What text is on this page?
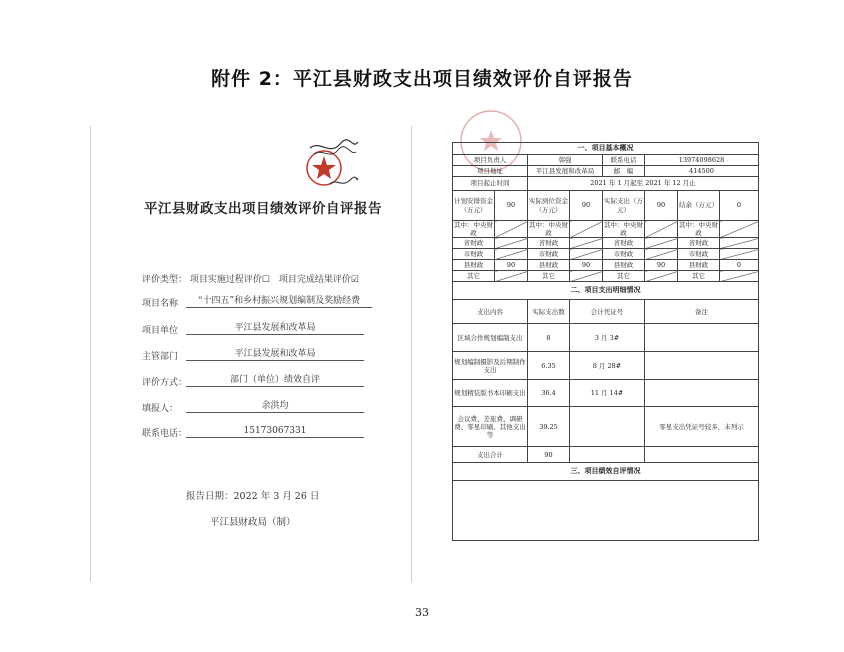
附件 2：平江县财政支出项目绩效评价自评报告
平江县财政支出项目绩效评价自评报告
评价类型： 项目实施过程评价☐ 项目完成结果评价☑
项目名称	“十四五”和乡村振兴规划编制及奖励经费
项目单位	平江县发展和改革局
主管部门	平江县发展和改革局
评价方式：	部门（单位）绩效自评
填报人：	余洪均
联系电话：	15173067331
报告日期：2022 年 3 月 26 日
平江县财政局（制）
一、项目基本概况							
项目负责人		韩强		联系电话	13974098628		
项目地址		平江县发展和改革局		邮　编	414500		
项目起止时间		2021 年 1 月起至 2021 年 12 月止					
计划安排资金（万元）	90	实际到位资金（万元）	90	实际支出（万元）	90	结余（万元）	0
其中：中央财政		其中：中央财政		其中：中央财政		其中：中央财政	
省财政		省财政		省财政		省财政	
市财政		市财政		市财政		市财政	
县财政	90	县财政	90	县财政	90	县财政	0
其它		其它		其它		其它	
二、项目支出明细情况							
支出内容		实际支出数	会计凭证号		备注		
区域合作规划编制支出		8	3 月 3#				
规划编制摄影及后期制作支出		6.35	8 月 28#				
规划精装版书本印刷支出		36.4	11 月 14#				
会议费、差旅费、调研费、零星印刷、其他支出等		39.25			零星支出凭证号较多，未列示		
支出合计		90					
三、项目绩效自评情况							

33
